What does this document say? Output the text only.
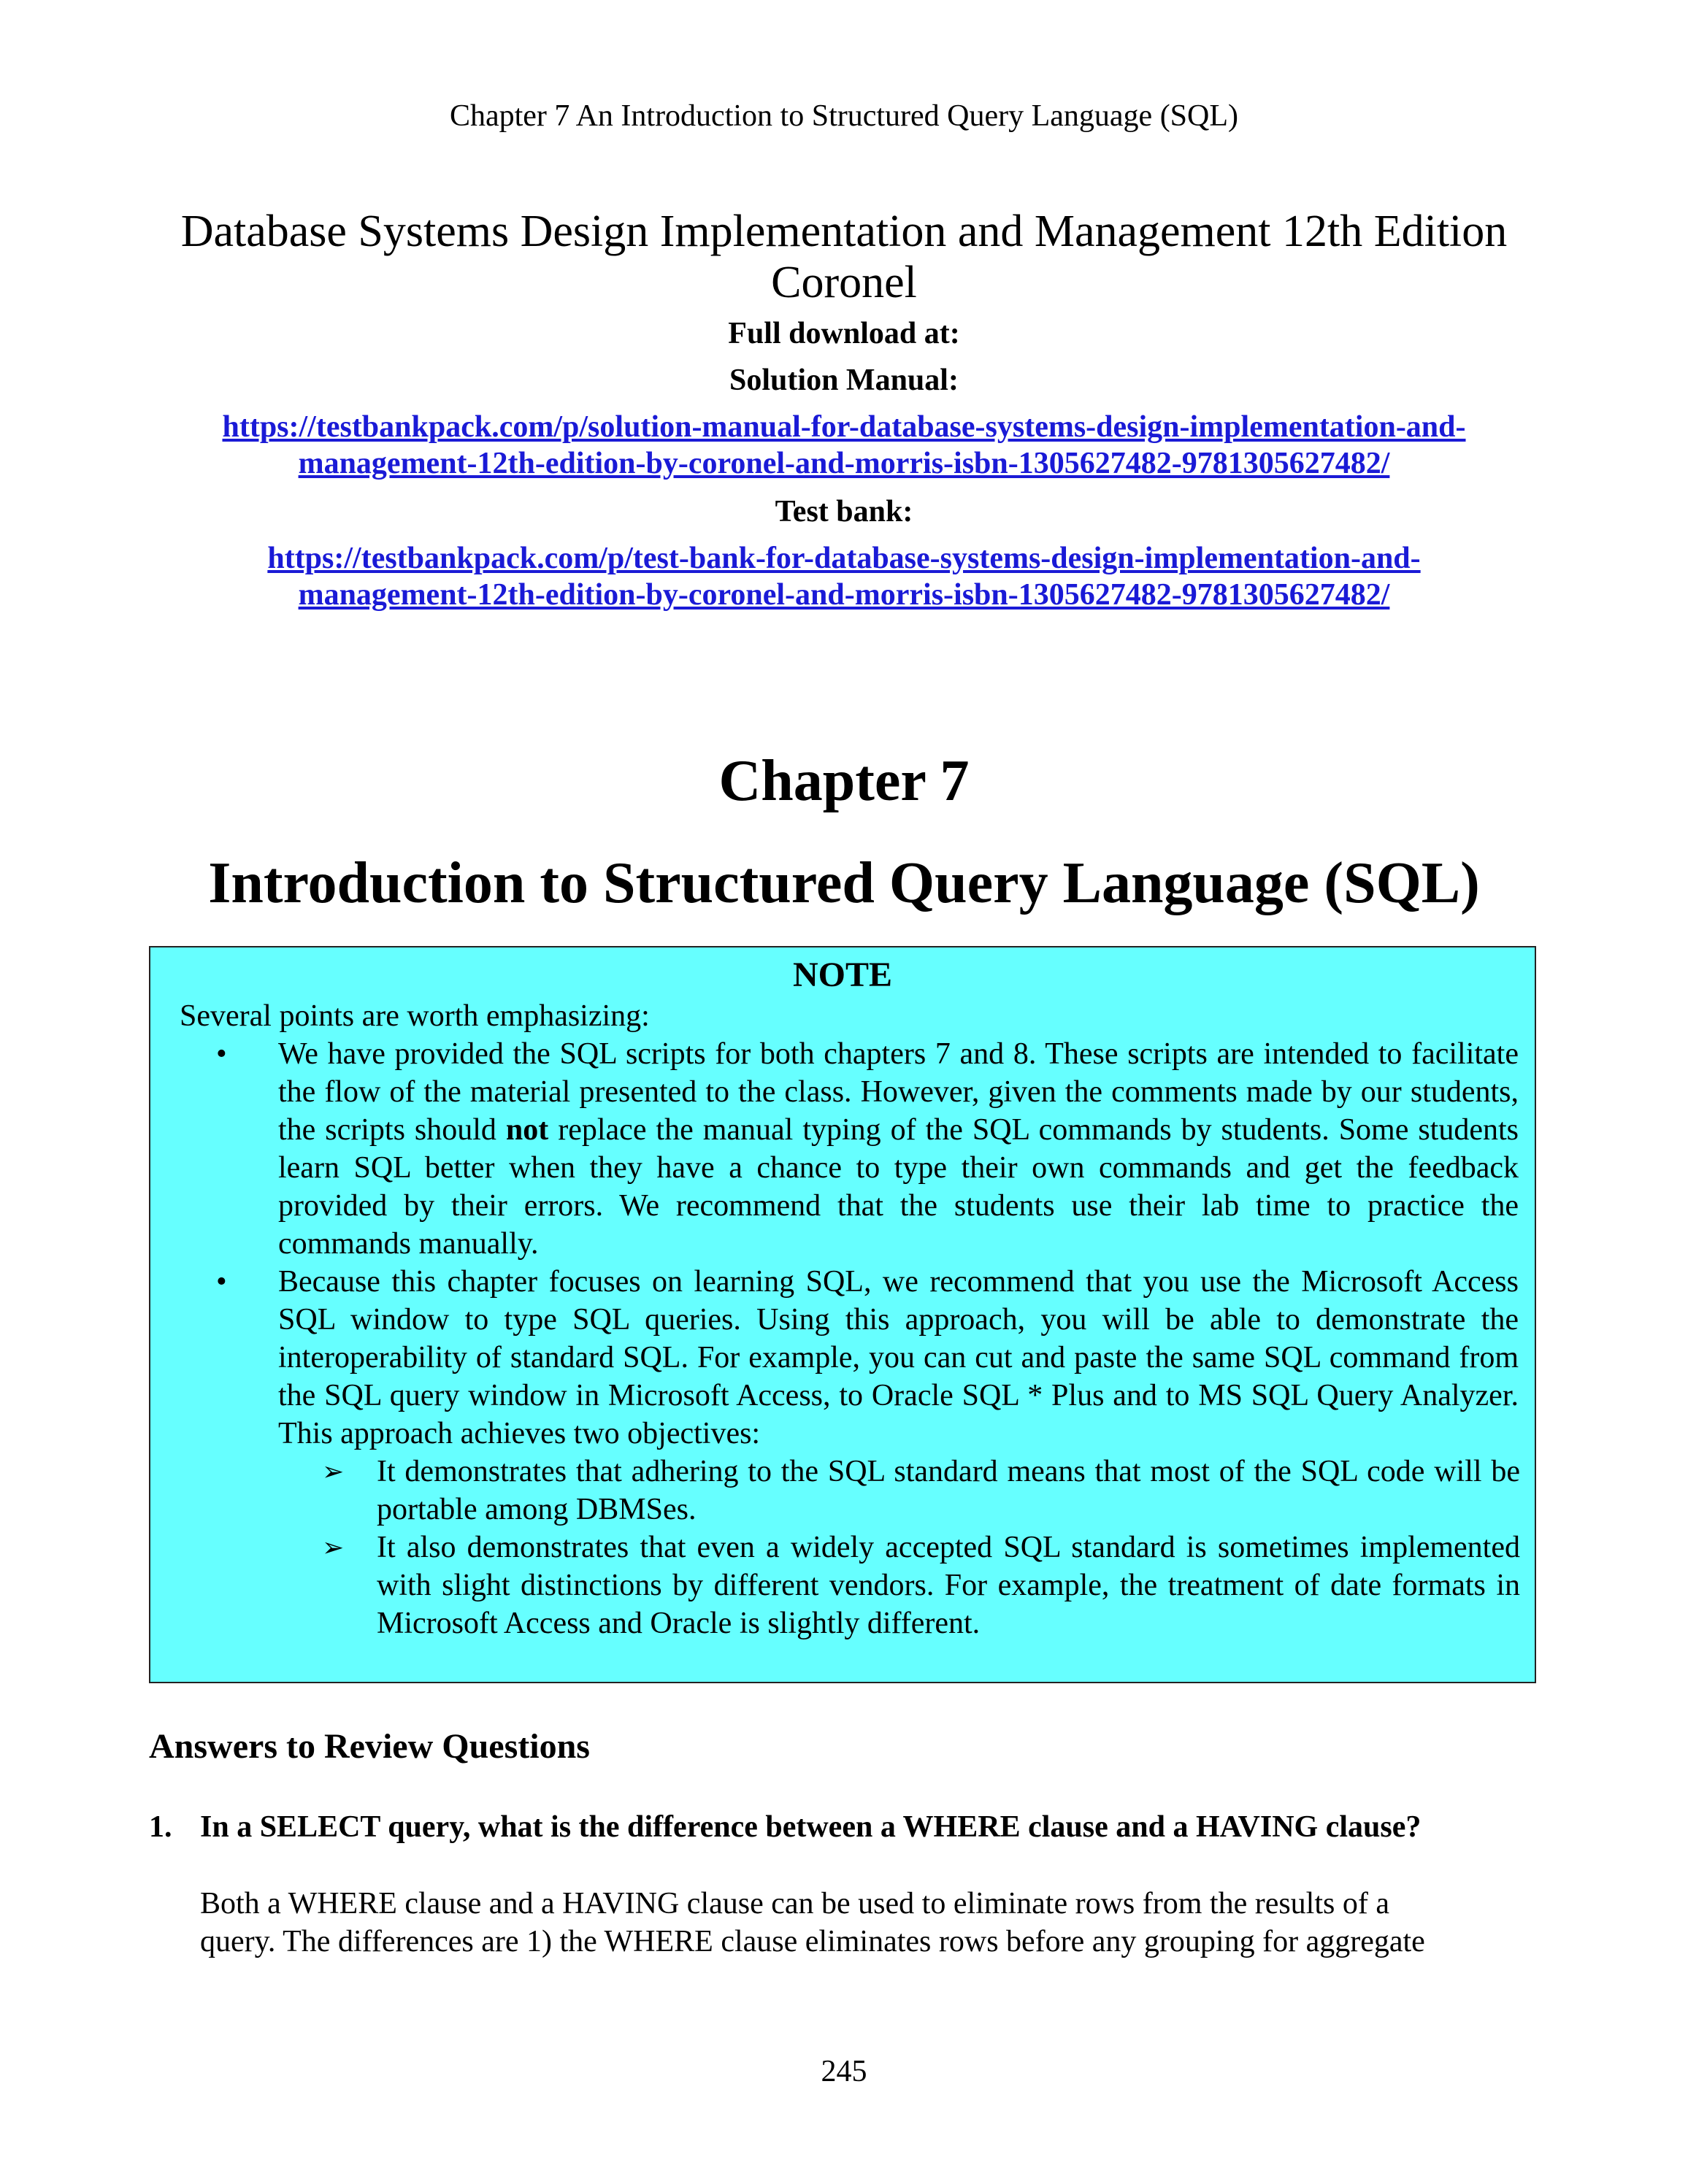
Chapter 7 An Introduction to Structured Query Language (SQL)
Database Systems Design Implementation and Management 12th Edition
Coronel
Full download at:
Solution Manual:
https://testbankpack.com/p/solution-manual-for-database-systems-design-implementation-and-
management-12th-edition-by-coronel-and-morris-isbn-1305627482-9781305627482/
Test bank:
https://testbankpack.com/p/test-bank-for-database-systems-design-implementation-and-
management-12th-edition-by-coronel-and-morris-isbn-1305627482-9781305627482/
Chapter 7
Introduction to Structured Query Language (SQL)
NOTE
Several points are worth emphasizing:
• We have provided the SQL scripts for both chapters 7 and 8. These scripts are intended to facilitate the flow of the material presented to the class. However, given the comments made by our students, the scripts should not replace the manual typing of the SQL commands by students. Some students learn SQL better when they have a chance to type their own commands and get the feedback provided by their errors. We recommend that the students use their lab time to practice the commands manually.
• Because this chapter focuses on learning SQL, we recommend that you use the Microsoft Access SQL window to type SQL queries. Using this approach, you will be able to demonstrate the interoperability of standard SQL. For example, you can cut and paste the same SQL command from the SQL query window in Microsoft Access, to Oracle SQL * Plus and to MS SQL Query Analyzer. This approach achieves two objectives:
➢ It demonstrates that adhering to the SQL standard means that most of the SQL code will be portable among DBMSes.
➢ It also demonstrates that even a widely accepted SQL standard is sometimes implemented with slight distinctions by different vendors. For example, the treatment of date formats in Microsoft Access and Oracle is slightly different.
Answers to Review Questions
1. In a SELECT query, what is the difference between a WHERE clause and a HAVING clause?
Both a WHERE clause and a HAVING clause can be used to eliminate rows from the results of a
query. The differences are 1) the WHERE clause eliminates rows before any grouping for aggregate
245
